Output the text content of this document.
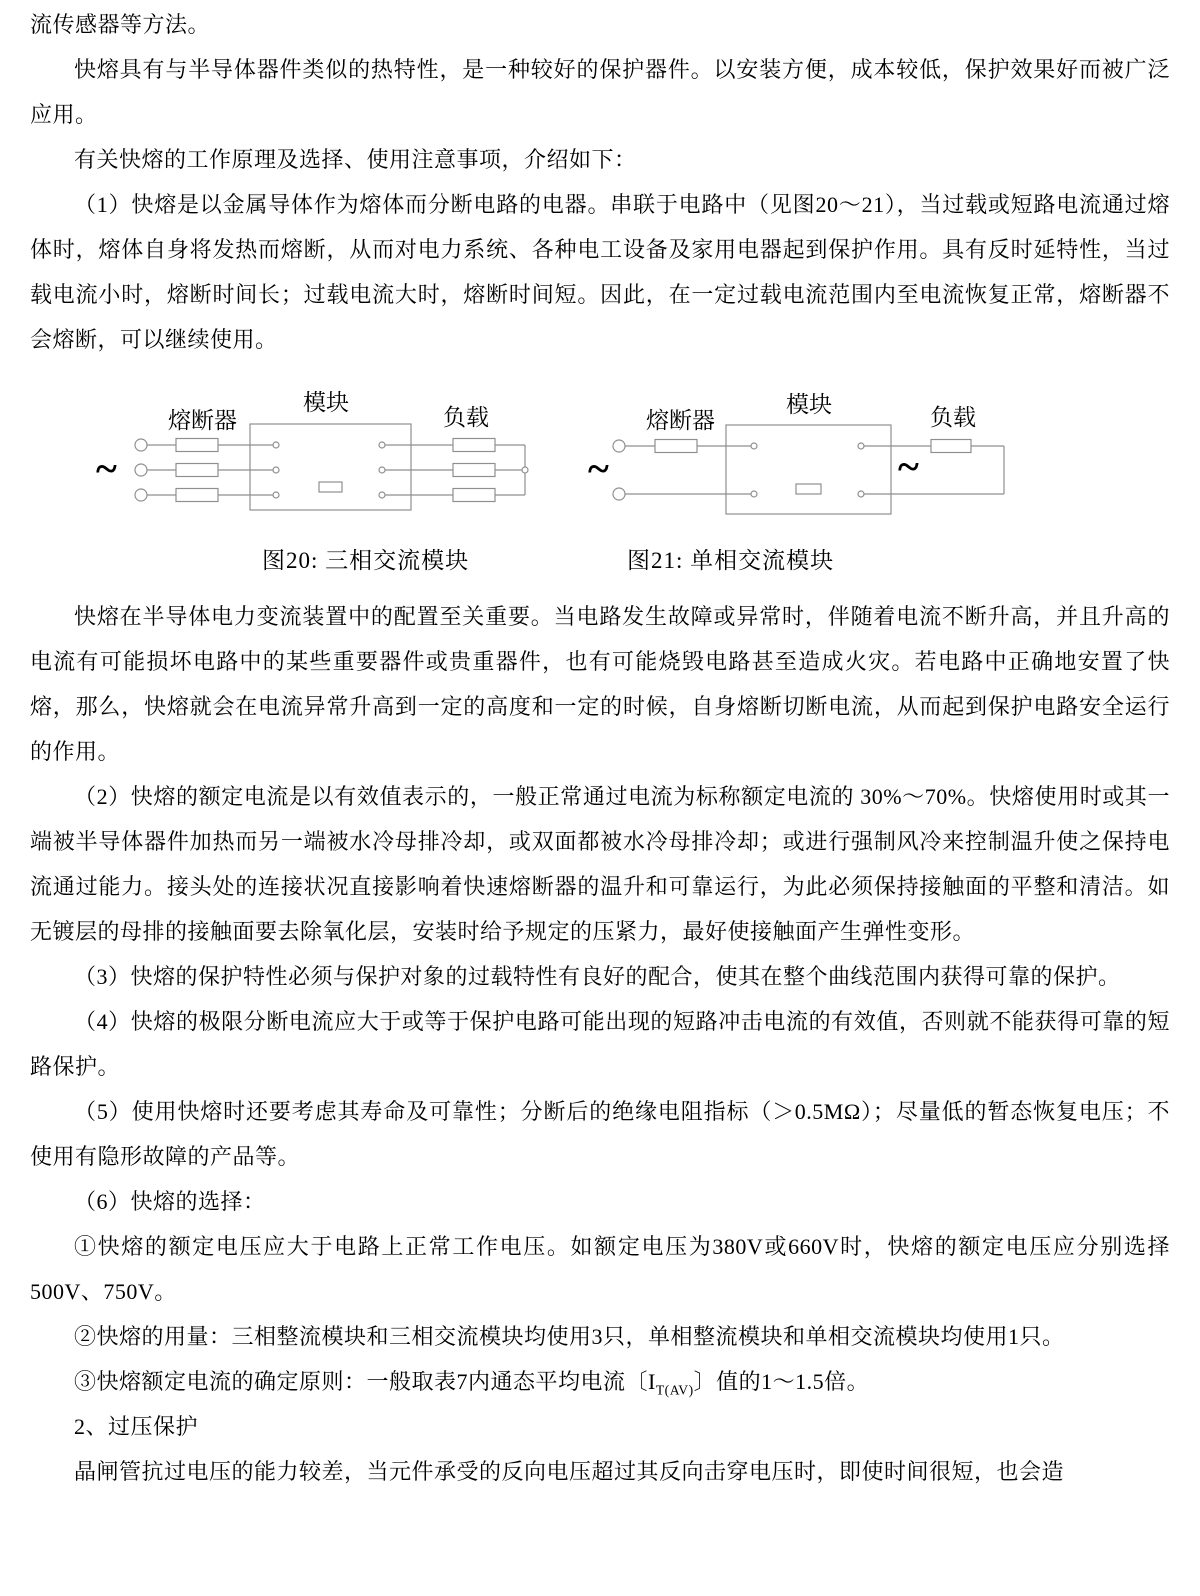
流传感器等方法。

快熔具有与半导体器件类似的热特性，是一种较好的保护器件。以安装方便，成本较低，保护效果好而被广泛应用。

有关快熔的工作原理及选择、使用注意事项，介绍如下：

（1）快熔是以金属导体作为熔体而分断电路的电器。串联于电路中（见图20～21），当过载或短路电流通过熔体时，熔体自身将发热而熔断，从而对电力系统、各种电工设备及家用电器起到保护作用。具有反时延特性，当过载电流小时，熔断时间长；过载电流大时，熔断时间短。因此，在一定过载电流范围内至电流恢复正常，熔断器不会熔断，可以继续使用。

熔断器
模块
负载
~
熔断器
模块
负载
~	~
图20: 三相交流模块	图21: 单相交流模块

快熔在半导体电力变流装置中的配置至关重要。当电路发生故障或异常时，伴随着电流不断升高，并且升高的电流有可能损坏电路中的某些重要器件或贵重器件，也有可能烧毁电路甚至造成火灾。若电路中正确地安置了快熔，那么，快熔就会在电流异常升高到一定的高度和一定的时候，自身熔断切断电流，从而起到保护电路安全运行的作用。

（2）快熔的额定电流是以有效值表示的，一般正常通过电流为标称额定电流的 30%～70%。快熔使用时或其一端被半导体器件加热而另一端被水冷母排冷却，或双面都被水冷母排冷却；或进行强制风冷来控制温升使之保持电流通过能力。接头处的连接状况直接影响着快速熔断器的温升和可靠运行，为此必须保持接触面的平整和清洁。如无镀层的母排的接触面要去除氧化层，安装时给予规定的压紧力，最好使接触面产生弹性变形。

（3）快熔的保护特性必须与保护对象的过载特性有良好的配合，使其在整个曲线范围内获得可靠的保护。

（4）快熔的极限分断电流应大于或等于保护电路可能出现的短路冲击电流的有效值，否则就不能获得可靠的短路保护。

（5）使用快熔时还要考虑其寿命及可靠性；分断后的绝缘电阻指标（＞0.5MΩ）；尽量低的暂态恢复电压；不使用有隐形故障的产品等。

（6）快熔的选择：

①快熔的额定电压应大于电路上正常工作电压。如额定电压为380V或660V时，快熔的额定电压应分别选择500V、750V。

②快熔的用量：三相整流模块和三相交流模块均使用3只，单相整流模块和单相交流模块均使用1只。

③快熔额定电流的确定原则：一般取表7内通态平均电流〔$I_{T(AV)}$〕值的1～1.5倍。

2、过压保护

晶闸管抗过电压的能力较差，当元件承受的反向电压超过其反向击穿电压时，即使时间很短，也会造
